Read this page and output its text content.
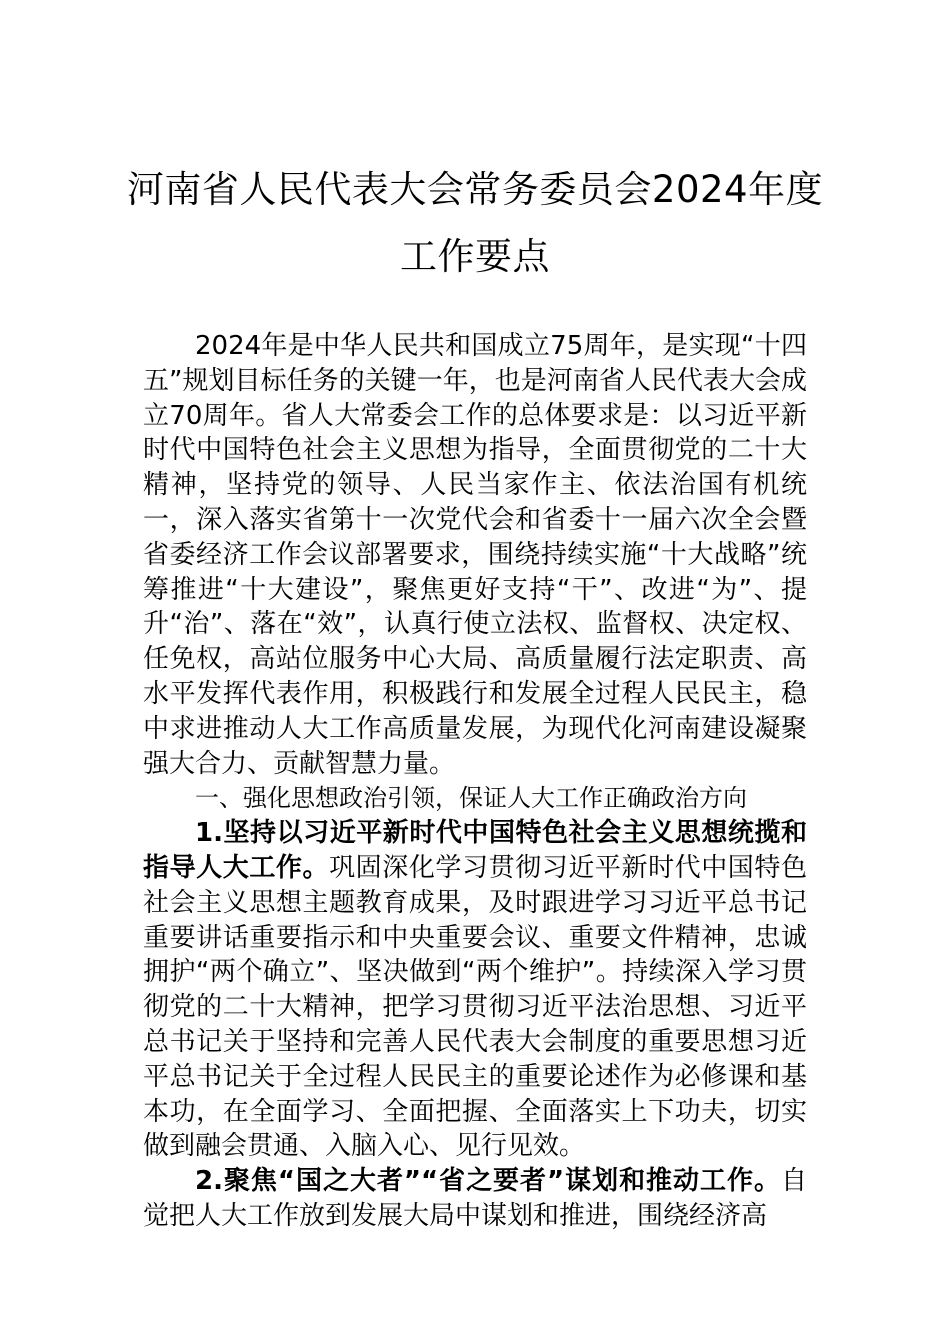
河南省人民代表大会常务委员会2024年度
工作要点

2024年是中华人民共和国成立75周年，是实现“十四五”规划目标任务的关键一年，也是河南省人民代表大会成立70周年。省人大常委会工作的总体要求是：以习近平新时代中国特色社会主义思想为指导，全面贯彻党的二十大精神，坚持党的领导、人民当家作主、依法治国有机统一，深入落实省第十一次党代会和省委十一届六次全会暨省委经济工作会议部署要求，围绕持续实施“十大战略”统筹推进“十大建设”，聚焦更好支持“干”、改进“为”、提升“治”、落在“效”，认真行使立法权、监督权、决定权、任免权，高站位服务中心大局、高质量履行法定职责、高水平发挥代表作用，积极践行和发展全过程人民民主，稳中求进推动人大工作高质量发展，为现代化河南建设凝聚强大合力、贡献智慧力量。

一、强化思想政治引领，保证人大工作正确政治方向

1.坚持以习近平新时代中国特色社会主义思想统揽和指导人大工作。巩固深化学习贯彻习近平新时代中国特色社会主义思想主题教育成果，及时跟进学习习近平总书记重要讲话重要指示和中央重要会议、重要文件精神，忠诚拥护“两个确立”、坚决做到“两个维护”。持续深入学习贯彻党的二十大精神，把学习贯彻习近平法治思想、习近平总书记关于坚持和完善人民代表大会制度的重要思想习近平总书记关于全过程人民民主的重要论述作为必修课和基本功，在全面学习、全面把握、全面落实上下功夫，切实做到融会贯通、入脑入心、见行见效。

2.聚焦“国之大者”“省之要者”谋划和推动工作。自觉把人大工作放到发展大局中谋划和推进，围绕经济高
